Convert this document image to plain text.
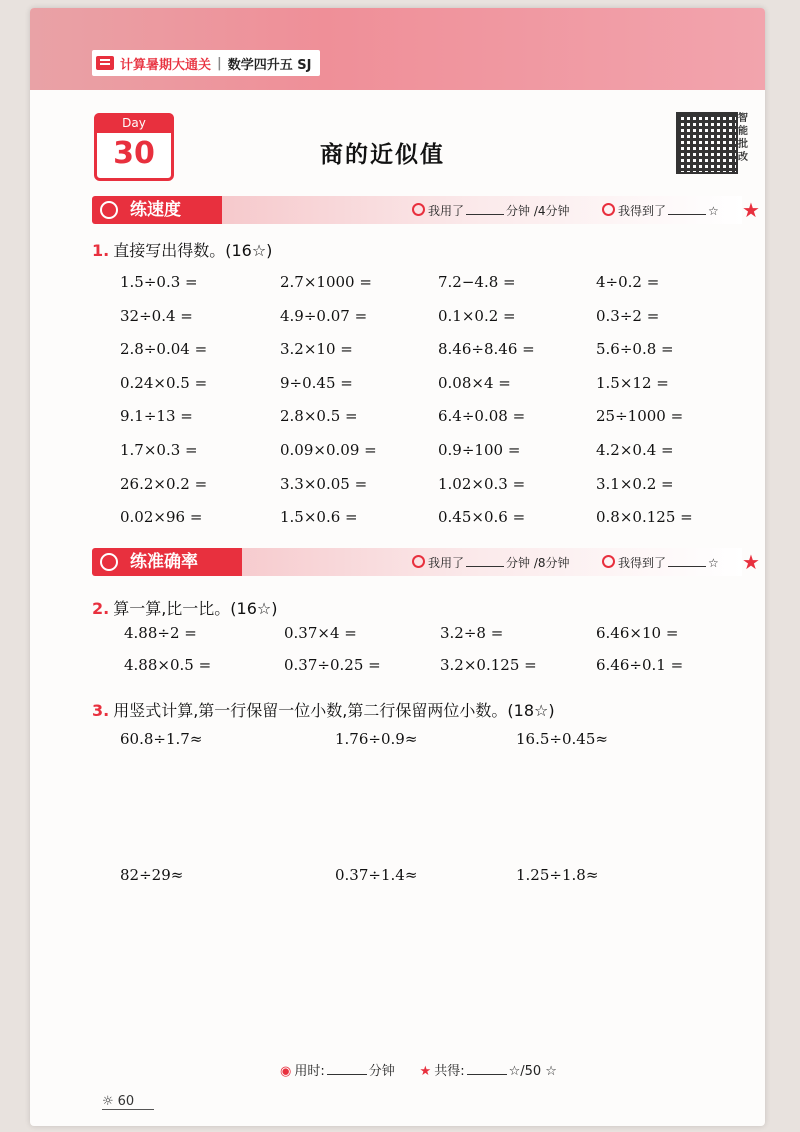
计算暑期大通关 | 数学四升五 SJ
Day
30	商的近似值
智能批改
练速度	我用了	分钟 /4分钟	我得到了	☆ ★
1. 直接写出得数。(16☆)
1.5÷0.3 =	2.7×1000 =	7.2−4.8 =	4÷0.2 =
32÷0.4 =	4.9÷0.07 =	0.1×0.2 =	0.3÷2 =
2.8÷0.04 =	3.2×10 =	8.46÷8.46 =	5.6÷0.8 =
0.24×0.5 =	9÷0.45 =	0.08×4 =	1.5×12 =
9.1÷13 =	2.8×0.5 =	6.4÷0.08 =	25÷1000 =
1.7×0.3 =	0.09×0.09 =	0.9÷100 =	4.2×0.4 =
26.2×0.2 =	3.3×0.05 =	1.02×0.3 =	3.1×0.2 =
0.02×96 =	1.5×0.6 =	0.45×0.6 =	0.8×0.125 =
练准确率	我用了	分钟 /8分钟	我得到了	☆ ★
2. 算一算,比一比。(16☆)
4.88÷2 =	0.37×4 =	3.2÷8 =	6.46×10 =
4.88×0.5 =	0.37÷0.25 =	3.2×0.125 =	6.46÷0.1 =
3. 用竖式计算,第一行保留一位小数,第二行保留两位小数。(18☆)
60.8÷1.7≈	1.76÷0.9≈	16.5÷0.45≈
82÷29≈	0.37÷1.4≈	1.25÷1.8≈
◉ 用时:	分钟 ★ 共得:	☆/50 ☆
☼ 60
